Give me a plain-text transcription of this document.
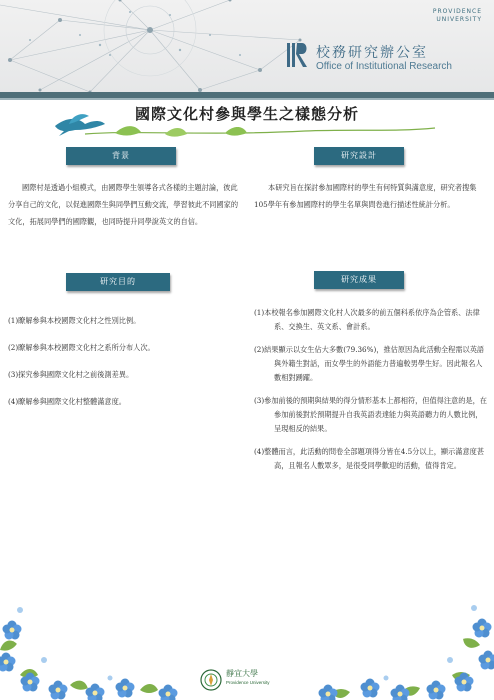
PROVIDENCE
UNIVERSITY
校務研究辦公室
Office of Institutional Research
國際文化村參與學生之樣態分析
背景
國際村是透過小組模式，由國際學生領導各式各樣的主題討論，彼此分享自己的文化，以促進國際生與同學們互動交流，學習彼此不同國家的文化，拓展同學們的國際觀，也同時提升同學說英文的自信。
研究設計
本研究旨在探討參加國際村的學生有何特質與滿意度，研究者搜集105學年有參加國際村的學生名單與問卷進行描述性統計分析。
研究目的
(1)瞭解參與本校國際文化村之性別比例。
(2)瞭解參與本校國際文化村之系所分布人次。
(3)探究參與國際文化村之前後測差異。
(4)瞭解參與國際文化村整體滿意度。
研究成果
(1)本校報名參加國際文化村人次最多的前五個科系依序為企管系、法律系、交換生、英文系、會計系。
(2)結果顯示以女生佔大多數(79.36%)，推估原因為此活動全程需以英語與外籍生對話，而女學生的外語能力普遍較男學生好。因此報名人數相對踴躍。
(3)參加前後的預期與結果的得分情形基本上都相符，但值得注意的是，在參加前後對於預期提升自我英語表達能力與英語聽力的人數比例，呈現相反的結果。
(4)整體而言，此活動的問卷全部題項得分皆在4.5分以上，顯示滿意度甚高，且報名人數眾多，是很受同學歡迎的活動，值得肯定。
靜宜大學
Providence University
